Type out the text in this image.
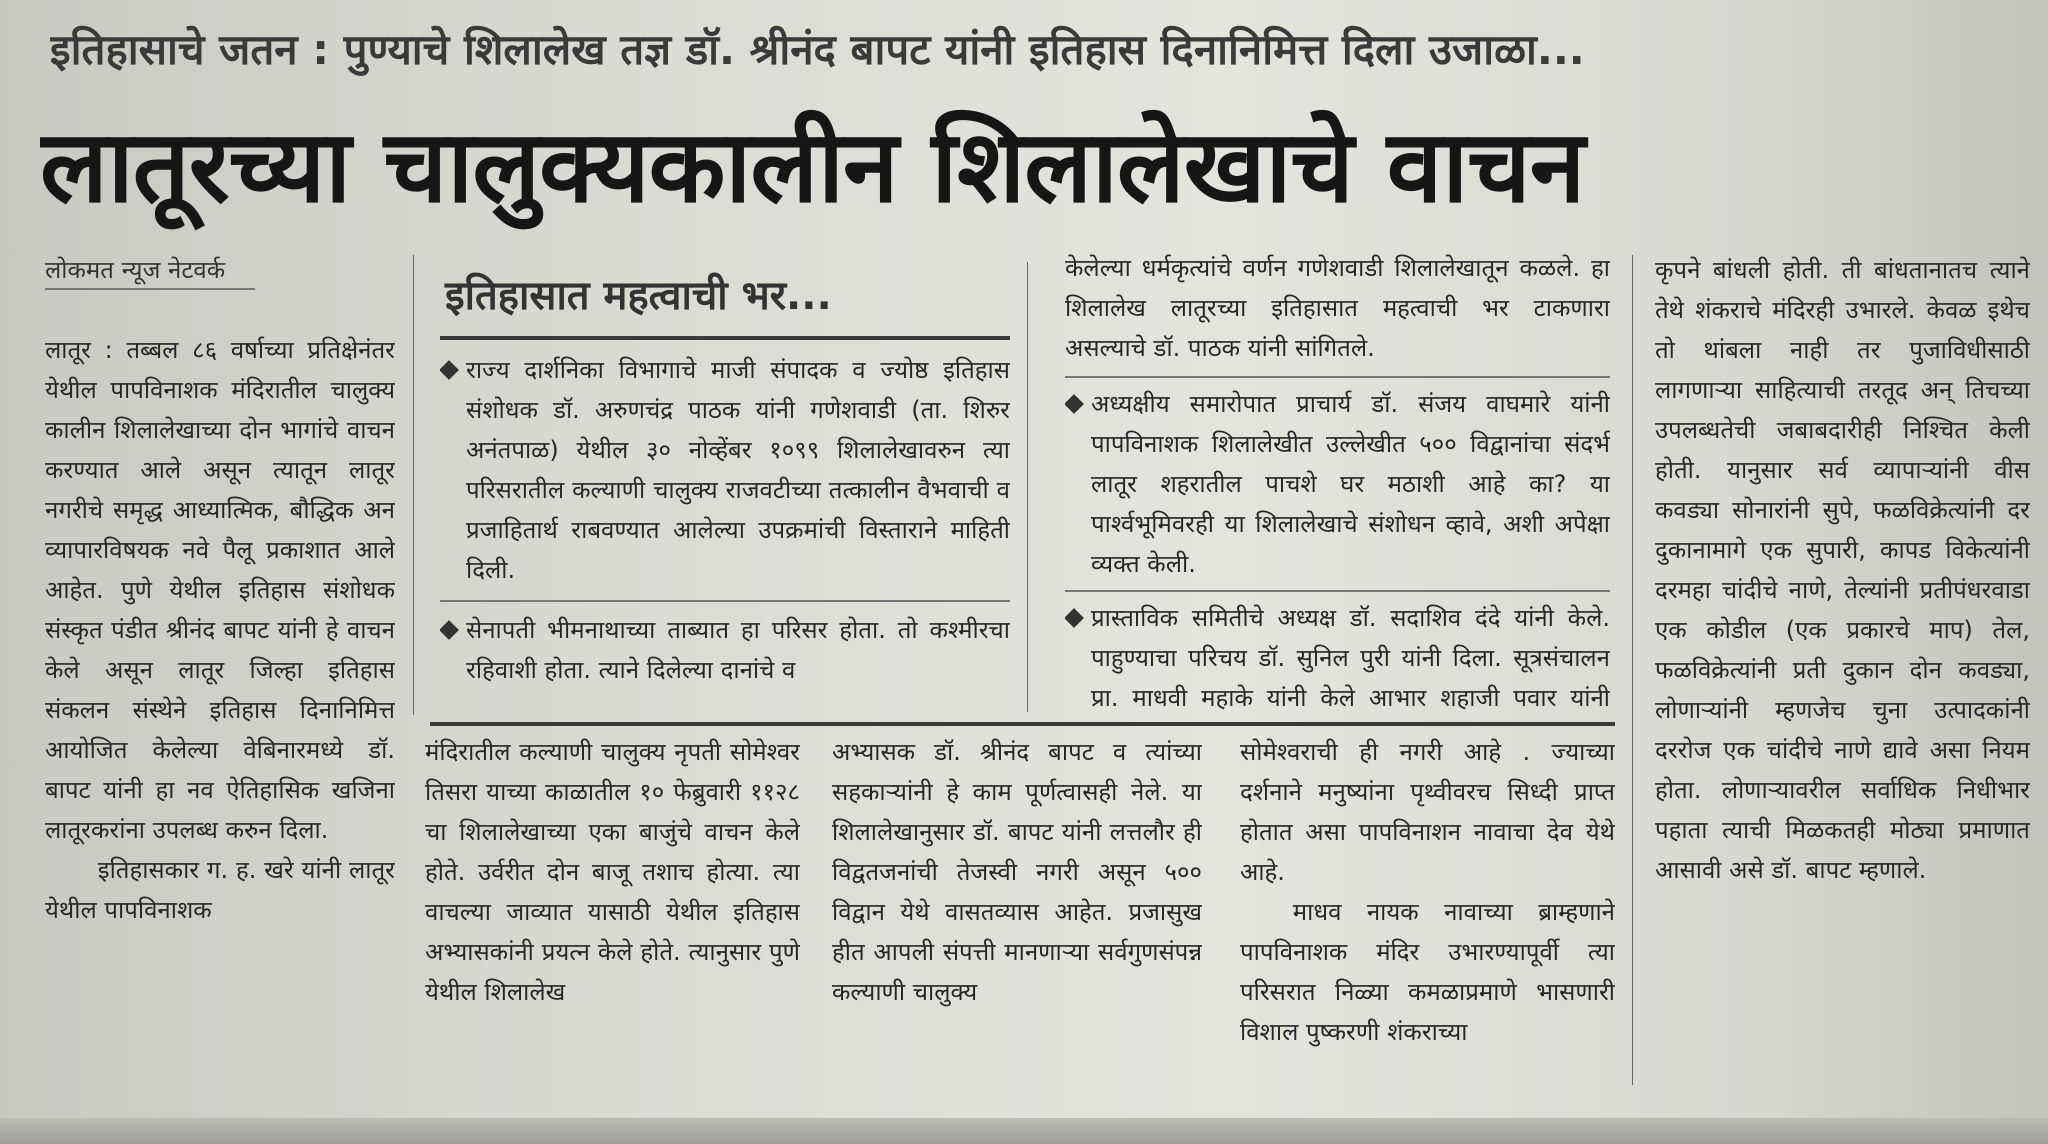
इतिहासाचे जतन : पुण्याचे शिलालेख तज्ञ डॉ. श्रीनंद बापट यांनी इतिहास दिनानिमित्त दिला उजाळा...
लातूरच्या चालुक्यकालीन शिलालेखाचे वाचन
लोकमत न्यूज नेटवर्क

लातूर : तब्बल ८६ वर्षाच्या प्रतिक्षेनंतर येथील पापविनाशक मंदिरातील चालुक्य कालीन शिलालेखाच्या दोन भागांचे वाचन करण्यात आले असून त्यातून लातूर नगरीचे समृद्ध आध्यात्मिक, बौद्धिक अन व्यापारविषयक नवे पैलू प्रकाशात आले आहेत. पुणे येथील इतिहास संशोधक संस्कृत पंडीत श्रीनंद बापट यांनी हे वाचन केले असून लातूर जिल्हा इतिहास संकलन संस्थेने इतिहास दिनानिमित्त आयोजित केलेल्या वेबिनारमध्ये डॉ. बापट यांनी हा नव ऐतिहासिक खजिना लातूरकरांना उपलब्ध करुन दिला.

इतिहासकार ग. ह. खरे यांनी लातूर येथील पापविनाशक

इतिहासात महत्वाची भर...
राज्य दार्शनिका विभागाचे माजी संपादक व ज्योष्ठ इतिहास संशोधक डॉ. अरुणचंद्र पाठक यांनी गणेशवाडी (ता. शिरुर अनंतपाळ) येथील ३० नोव्हेंबर १०९९ शिलालेखावरुन त्या परिसरातील कल्याणी चालुक्य राजवटीच्या तत्कालीन वैभवाची व प्रजाहितार्थ राबवण्यात आलेल्या उपक्रमांची विस्ताराने माहिती दिली.
सेनापती भीमनाथाच्या ताब्यात हा परिसर होता. तो कश्मीरचा रहिवाशी होता. त्याने दिलेल्या दानांचे व

केलेल्या धर्मकृत्यांचे वर्णन गणेशवाडी शिलालेखातून कळले. हा शिलालेख लातूरच्या इतिहासात महत्वाची भर टाकणारा असल्याचे डॉ. पाठक यांनी सांगितले.

अध्यक्षीय समारोपात प्राचार्य डॉ. संजय वाघमारे यांनी पापविनाशक शिलालेखीत उल्लेखीत ५०० विद्वानांचा संदर्भ लातूर शहरातील पाचशे घर मठाशी आहे का? या पार्श्वभूमिवरही या शिलालेखाचे संशोधन व्हावे, अशी अपेक्षा व्यक्त केली.
प्रास्ताविक समितीचे अध्यक्ष डॉ. सदाशिव दंदे यांनी केले. पाहुण्याचा परिचय डॉ. सुनिल पुरी यांनी दिला. सूत्रसंचालन प्रा. माधवी महाके यांनी केले आभार शहाजी पवार यांनी

मंदिरातील कल्याणी चालुक्य नृपती सोमेश्वर तिसरा याच्या काळातील १० फेब्रुवारी ११२८ चा शिलालेखाच्या एका बाजुंचे वाचन केले होते. उर्वरीत दोन बाजू तशाच होत्या. त्या वाचल्या जाव्यात यासाठी येथील इतिहास अभ्यासकांनी प्रयत्न केले होते. त्यानुसार पुणे येथील शिलालेख

अभ्यासक डॉ. श्रीनंद बापट व त्यांच्या सहकाऱ्यांनी हे काम पूर्णत्वासही नेले. या शिलालेखानुसार डॉ. बापट यांनी लत्तलौर ही विद्वतजनांची तेजस्वी नगरी असून ५०० विद्वान येथे वासतव्यास आहेत. प्रजासुख हीत आपली संपत्ती मानणाऱ्या सर्वगुणसंपन्न कल्याणी चालुक्य

सोमेश्वराची ही नगरी आहे . ज्याच्या दर्शनाने मनुष्यांना पृथ्वीवरच सिध्दी प्राप्त होतात असा पापविनाशन नावाचा देव येथे आहे.

माधव नायक नावाच्या ब्राम्हणाने पापविनाशक मंदिर उभारण्यापूर्वी त्या परिसरात निळ्या कमळाप्रमाणे भासणारी विशाल पुष्करणी शंकराच्या

कृपने बांधली होती. ती बांधतानातच त्याने तेथे शंकराचे मंदिरही उभारले. केवळ इथेच तो थांबला नाही तर पुजाविधीसाठी लागणाऱ्या साहित्याची तरतूद अन् तिचच्या उपलब्धतेची जबाबदारीही निश्चित केली होती. यानुसार सर्व व्यापाऱ्यांनी वीस कवड्या सोनारांनी सुपे, फळविक्रेत्यांनी दर दुकानामागे एक सुपारी, कापड विकेत्यांनी दरमहा चांदीचे नाणे, तेल्यांनी प्रतीपंधरवाडा एक कोडील (एक प्रकारचे माप) तेल, फळविक्रेत्यांनी प्रती दुकान दोन कवड्या, लोणाऱ्यांनी म्हणजेच चुना उत्पादकांनी दररोज एक चांदीचे नाणे द्यावे असा नियम होता. लोणाऱ्यावरील सर्वाधिक निधीभार पहाता त्याची मिळकतही मोठ्या प्रमाणात आसावी असे डॉ. बापट म्हणाले.
